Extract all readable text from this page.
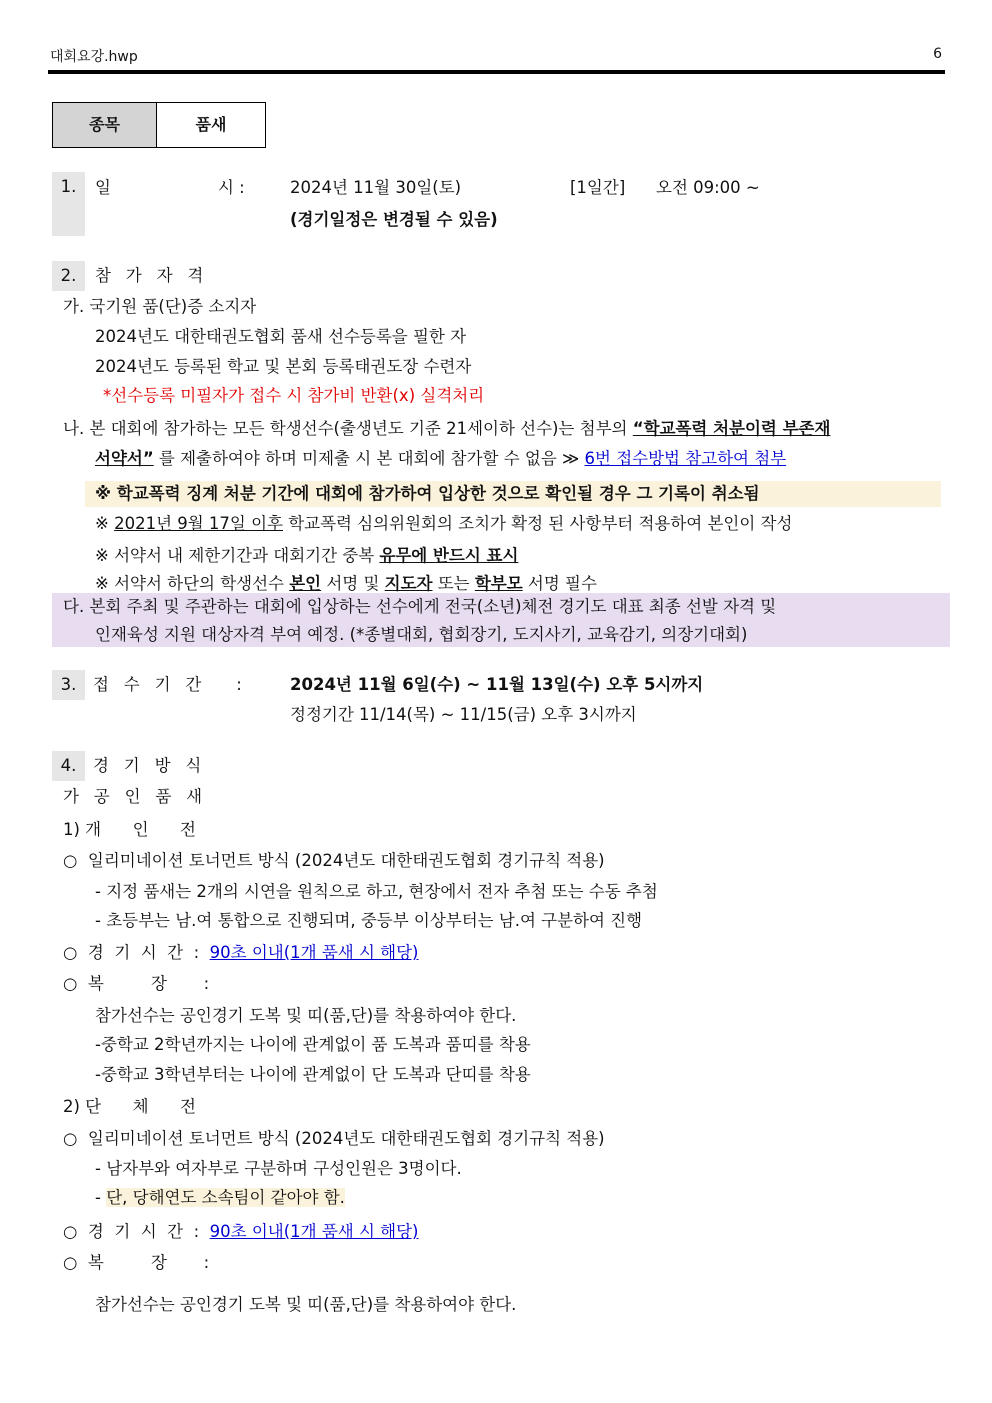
대회요강.hwp	6
종목	품새
1.	일	시 :	2024년 11월 30일(토)	[1일간] 오전 09:00 ~
(경기일정은 변경될 수 있음)
2.	참가자격
가. 국기원 품(단)증 소지자
2024년도 대한태권도협회 품새 선수등록을 필한 자
2024년도 등록된 학교 및 본회 등록태권도장 수련자
*선수등록 미필자가 접수 시 참가비 반환(x) 실격처리
나. 본 대회에 참가하는 모든 학생선수(출생년도 기준 21세이하 선수)는 첨부의 “학교폭력 처분이력 부존재
서약서” 를 제출하여야 하며 미제출 시 본 대회에 참가할 수 없음 ≫ 6번 접수방법 참고하여 첨부
※ 학교폭력 징계 처분 기간에 대회에 참가하여 입상한 것으로 확인될 경우 그 기록이 취소됨
※ 2021년 9월 17일 이후 학교폭력 심의위원회의 조치가 확정 된 사항부터 적용하여 본인이 작성
※ 서약서 내 제한기간과 대회기간 중복 유무에 반드시 표시
※ 서약서 하단의 학생선수 본인 서명 및 지도자 또는 학부모 서명 필수
다. 본회 주최 및 주관하는 대회에 입상하는 선수에게 전국(소년)체전 경기도 대표 최종 선발 자격 및
인재육성 지원 대상자격 부여 예정. (*종별대회, 협회장기, 도지사기, 교육감기, 의장기대회)
3.	접수기간 : 2024년 11월 6일(수) ~ 11월 13일(수) 오후 5시까지
정정기간 11/14(목) ~ 11/15(금) 오후 3시까지
4.	경기방식
가공인품새
1) 개      인      전
○  일리미네이션 토너먼트 방식 (2024년도 대한태권도협회 경기규칙 적용)
- 지정 품새는 2개의 시연을 원칙으로 하고, 현장에서 전자 추첨 또는 수동 추첨
- 초등부는 남.여 통합으로 진행되며, 중등부 이상부터는 남.여 구분하여 진행
○  경  기  시  간  :  90초 이내(1개 품새 시 해당)
○  복         장       :
참가선수는 공인경기 도복 및 띠(품,단)를 착용하여야 한다.
-중학교 2학년까지는 나이에 관계없이 품 도복과 품띠를 착용
-중학교 3학년부터는 나이에 관계없이 단 도복과 단띠를 착용
2) 단      체      전
○  일리미네이션 토너먼트 방식 (2024년도 대한태권도협회 경기규칙 적용)
- 남자부와 여자부로 구분하며 구성인원은 3명이다.
- 단, 당해연도 소속팀이 같아야 함.
○  경  기  시  간  :  90초 이내(1개 품새 시 해당)
○  복         장       :
참가선수는 공인경기 도복 및 띠(품,단)를 착용하여야 한다.
